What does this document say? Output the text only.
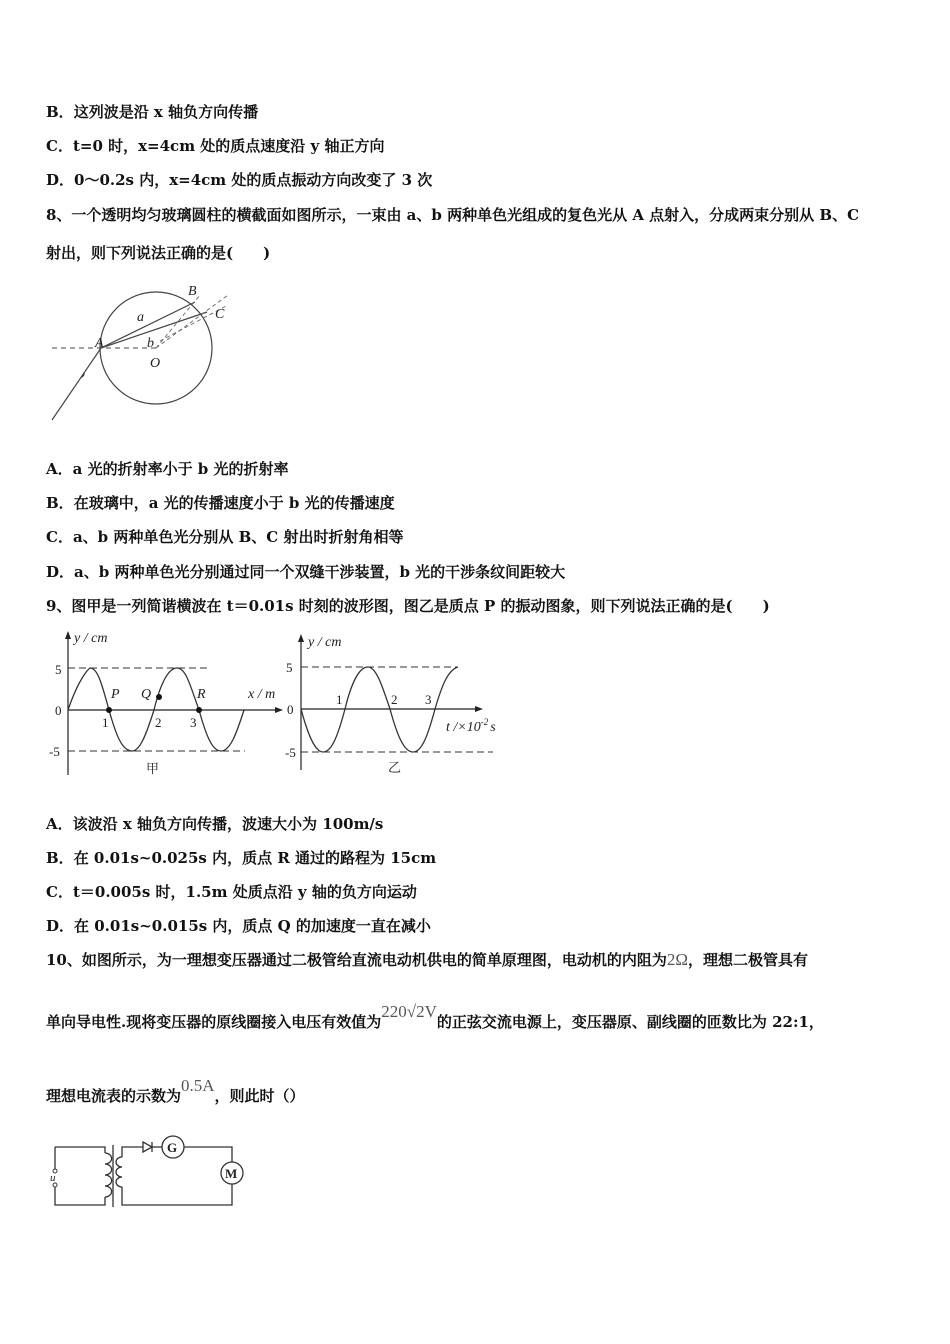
B．这列波是沿 x 轴负方向传播
C．t=0 时，x=4cm 处的质点速度沿 y 轴正方向
D．0～0.2s 内，x=4cm 处的质点振动方向改变了 3 次
8、一个透明均匀玻璃圆柱的横截面如图所示，一束由 a、b 两种单色光组成的复色光从 A 点射入，分成两束分别从 B、C
射出，则下列说法正确的是(　　)
A
B
C
O
a
b
A．a 光的折射率小于 b 光的折射率
B．在玻璃中，a 光的传播速度小于 b 光的传播速度
C．a、b 两种单色光分别从 B、C 射出时折射角相等
D．a、b 两种单色光分别通过同一个双缝干涉装置，b 光的干涉条纹间距较大
9、图甲是一列简谐横波在 t＝0.01s 时刻的波形图，图乙是质点 P 的振动图象，则下列说法正确的是(　　)
y / cm
x / m
5
0
-5
1	2 3
P Q	R
甲
y / cm
5
0
-5
1	2 3
t $/\times 10^{-2}$ s
乙
A．该波沿 x 轴负方向传播，波速大小为 100m/s
B．在 0.01s~0.025s 内，质点 R 通过的路程为 15cm
C．t＝0.005s 时，1.5m 处质点沿 y 轴的负方向运动
D．在 0.01s~0.015s 内，质点 Q 的加速度一直在减小
10、如图所示，为一理想变压器通过二极管给直流电动机供电的简单原理图，电动机的内阻为2Ω，理想二极管具有
单向导电性.现将变压器的原线圈接入电压有效值为220√2V的正弦交流电源上，变压器原、副线圈的匝数比为 22:1，
理想电流表的示数为0.5A，则此时（）
u
G
M
